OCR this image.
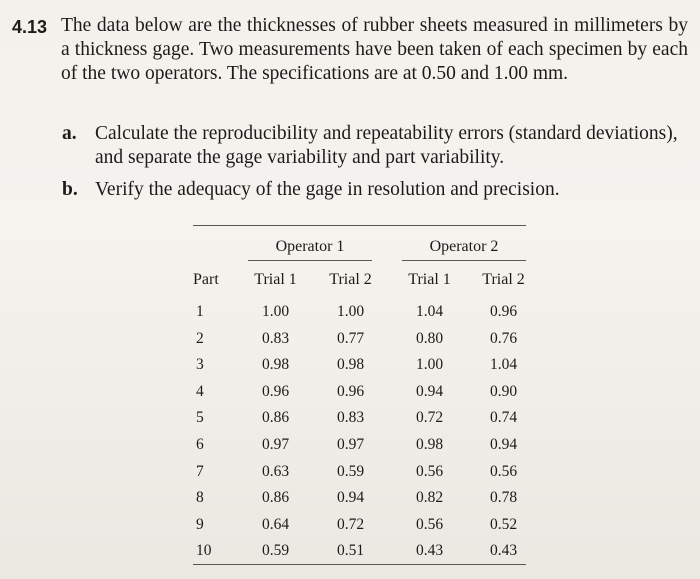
4.13 The data below are the thicknesses of rubber sheets measured in millimeters by a thickness gage. Two measurements have been taken of each specimen by each of the two operators. The specifications are at 0.50 and 1.00 mm.
a. Calculate the reproducibility and repeatability errors (standard deviations), and separate the gage variability and part variability.
b. Verify the adequacy of the gage in resolution and precision.
Operator 1	Operator 2
Part	Trial 1	Trial 2	Trial 1	Trial 2
1	1.00	1.00	1.04	0.96
2	0.83	0.77	0.80	0.76
3	0.98	0.98	1.00	1.04
4	0.96	0.96	0.94	0.90
5	0.86	0.83	0.72	0.74
6	0.97	0.97	0.98	0.94
7	0.63	0.59	0.56	0.56
8	0.86	0.94	0.82	0.78
9	0.64	0.72	0.56	0.52
10	0.59	0.51	0.43	0.43
